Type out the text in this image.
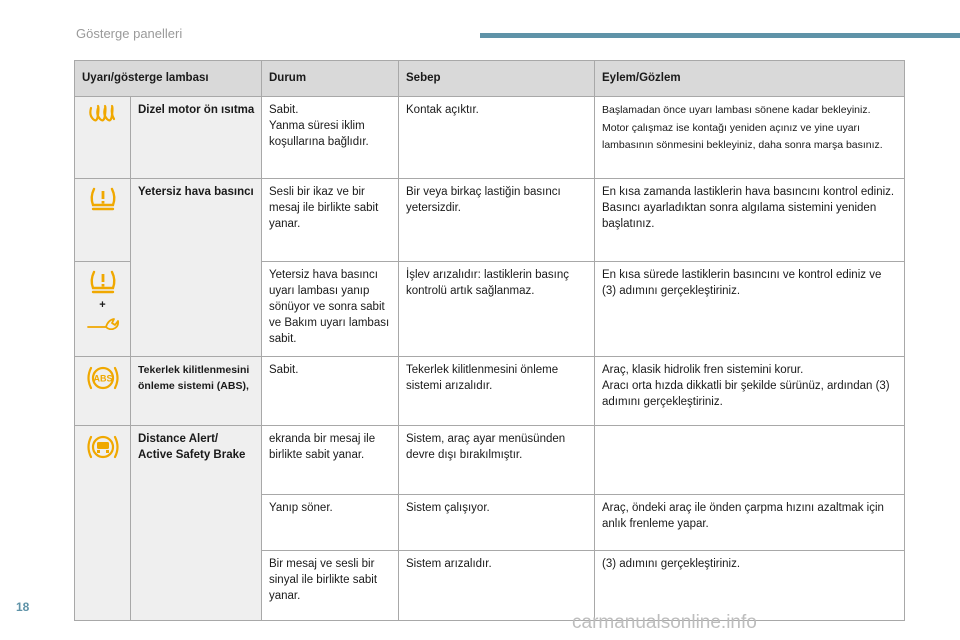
Gösterge panelleri
Uyarı/gösterge lambası		Durum	Sebep	Eylem/Gözlem

	Dizel motor ön ısıtma	Sabit.
Yanma süresi iklim koşullarına bağlıdır.	Kontak açıktır.	Başlamadan önce uyarı lambası sönene kadar bekleyiniz.
Motor çalışmaz ise kontağı yeniden açınız ve yine uyarı lambasının sönmesini bekleyiniz, daha sonra marşa basınız.

	Yetersiz hava basıncı	Sesli bir ikaz ve bir mesaj ile birlikte sabit yanar.	Bir veya birkaç lastiğin basıncı yetersizdir.	En kısa zamanda lastiklerin hava basıncını kontrol ediniz.
Basıncı ayarladıktan sonra algılama sistemini yeniden başlatınız.

+		Yetersiz hava basıncı uyarı lambası yanıp sönüyor ve sonra sabit ve Bakım uyarı lambası sabit.	İşlev arızalıdır: lastiklerin basınç kontrolü artık sağlanmaz.	En kısa sürede lastiklerin basıncını ve kontrol ediniz ve (3) adımını gerçekleştiriniz.

ABS	Tekerlek kilitlenmesini önleme sistemi (ABS),	Sabit.	Tekerlek kilitlenmesini önleme sistemi arızalıdır.	Araç, klasik hidrolik fren sistemini korur.
Aracı orta hızda dikkatli bir şekilde sürünüz, ardından (3) adımını gerçekleştiriniz.

	Distance Alert/ Active Safety Brake	ekranda bir mesaj ile birlikte sabit yanar.	Sistem, araç ayar menüsünden devre dışı bırakılmıştır.	
		Yanıp söner.	Sistem çalışıyor.	Araç, öndeki araç ile önden çarpma hızını azaltmak için anlık frenleme yapar.
		Bir mesaj ve sesli bir sinyal ile birlikte sabit yanar.	Sistem arızalıdır.	(3) adımını gerçekleştiriniz.
18
carmanualsonline.info
